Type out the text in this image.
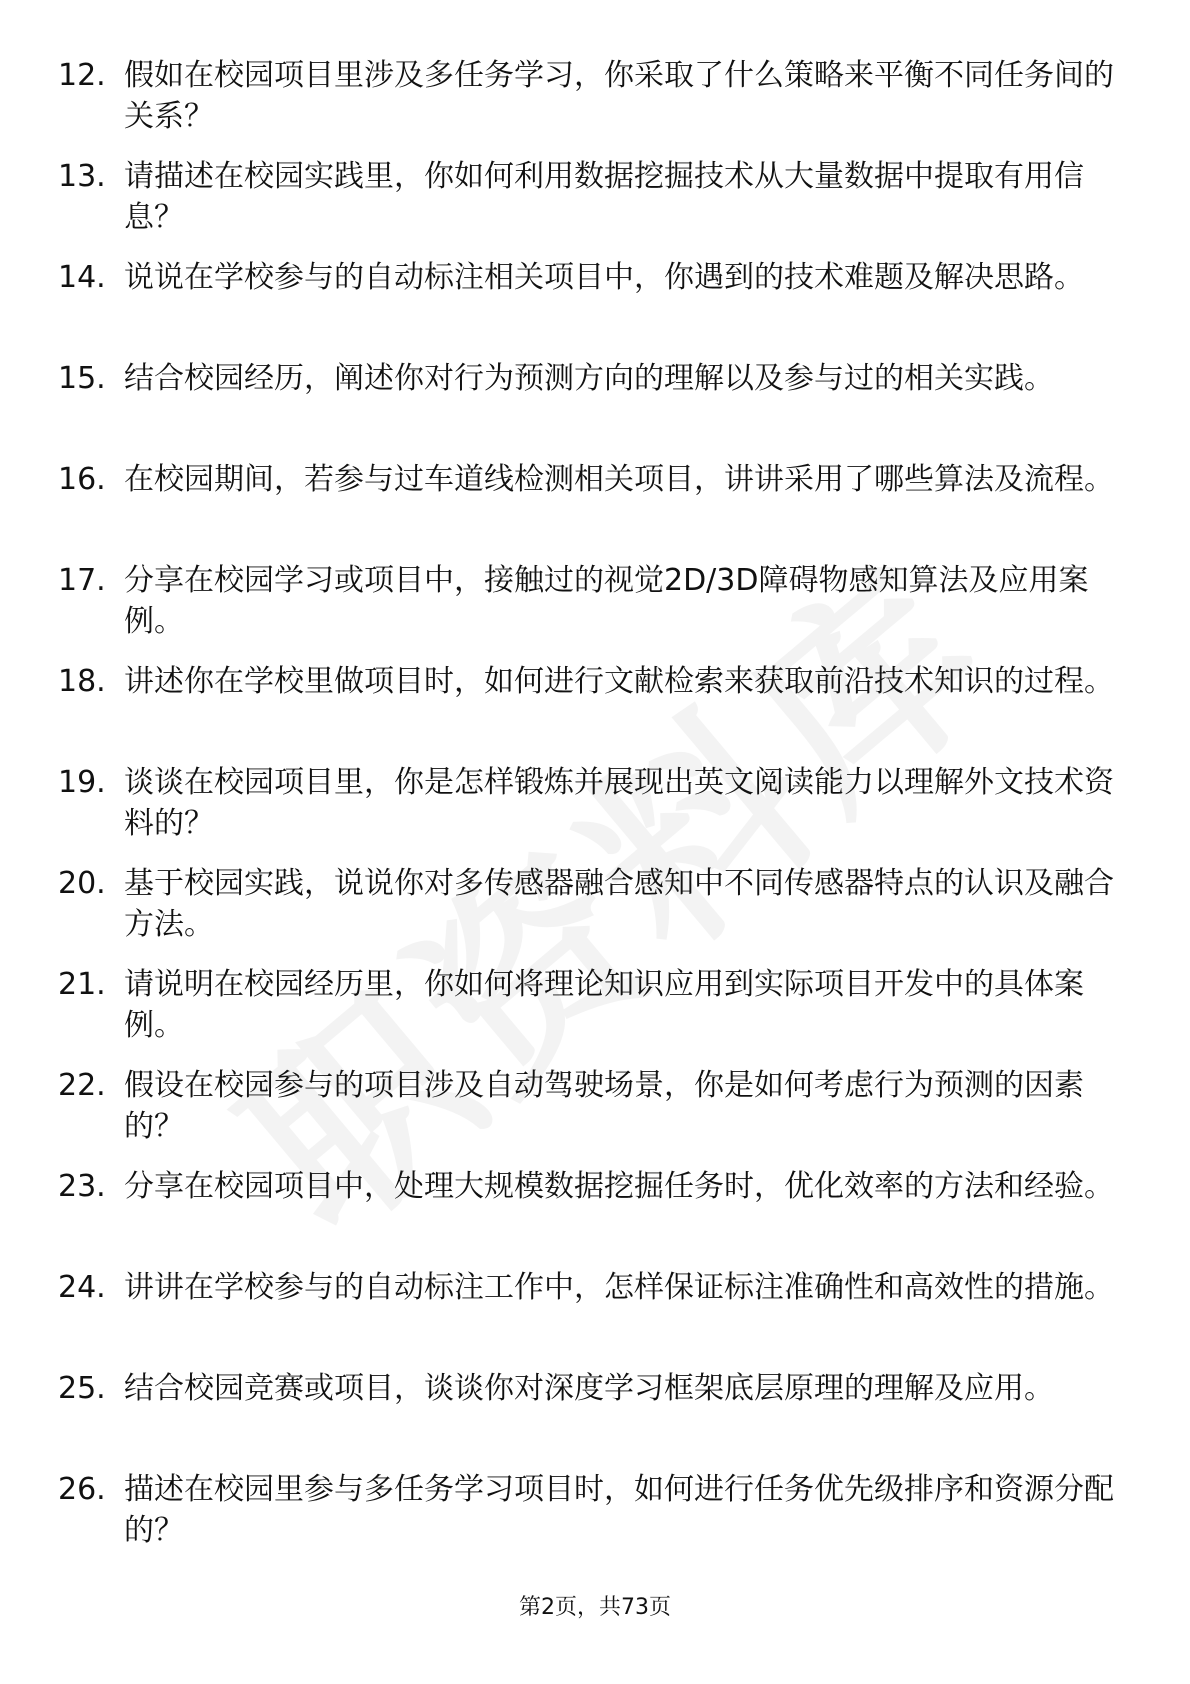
12. 假如在校园项目里涉及多任务学习，你采取了什么策略来平衡不同任务间的关系？
13. 请描述在校园实践里，你如何利用数据挖掘技术从大量数据中提取有用信息？
14. 说说在学校参与的自动标注相关项目中，你遇到的技术难题及解决思路。
15. 结合校园经历，阐述你对行为预测方向的理解以及参与过的相关实践。
16. 在校园期间，若参与过车道线检测相关项目，讲讲采用了哪些算法及流程。
17. 分享在校园学习或项目中，接触过的视觉2D/3D障碍物感知算法及应用案例。
18. 讲述你在学校里做项目时，如何进行文献检索来获取前沿技术知识的过程。
19. 谈谈在校园项目里，你是怎样锻炼并展现出英文阅读能力以理解外文技术资料的？
20. 基于校园实践，说说你对多传感器融合感知中不同传感器特点的认识及融合方法。
21. 请说明在校园经历里，你如何将理论知识应用到实际项目开发中的具体案例。
22. 假设在校园参与的项目涉及自动驾驶场景，你是如何考虑行为预测的因素的？
23. 分享在校园项目中，处理大规模数据挖掘任务时，优化效率的方法和经验。
24. 讲讲在学校参与的自动标注工作中，怎样保证标注准确性和高效性的措施。
25. 结合校园竞赛或项目，谈谈你对深度学习框架底层原理的理解及应用。
26. 描述在校园里参与多任务学习项目时，如何进行任务优先级排序和资源分配的？
第2页，共73页
